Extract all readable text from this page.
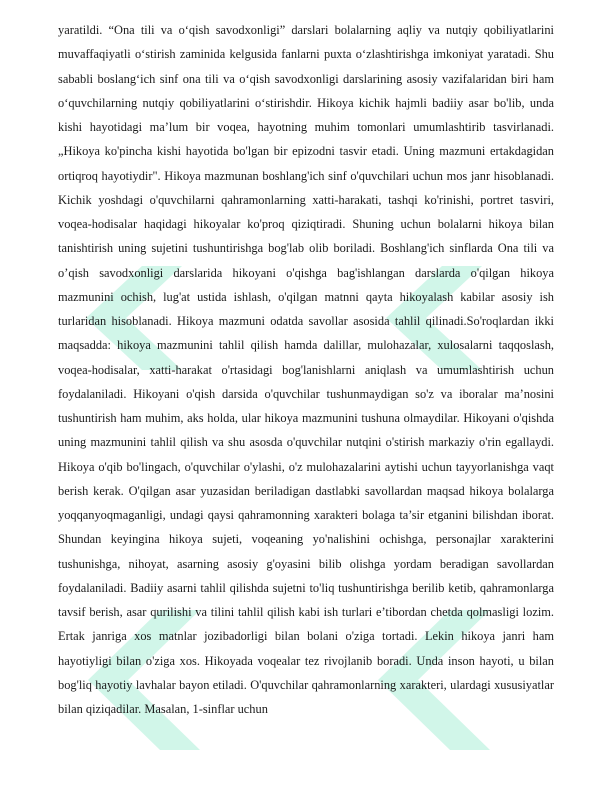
yaratildi. “Ona tili va o‘qish savodxonligi” darslari bolalarning aqliy va nutqiy qobiliyatlarini muvaffaqiyatli o‘stirish zaminida kelgusida fanlarni puxta o‘zlashtirishga imkoniyat yaratadi. Shu sababli boslang‘ich sinf ona tili va o‘qish savodxonligi darslarining asosiy vazifalaridan biri ham o‘quvchilarning nutqiy qobiliyatlarini o‘stirishdir. Hikoya kichik hajmli badiiy asar bo'lib, unda kishi hayotidagi ma’lum bir voqea, hayotning muhim tomonlari umumlashtirib tasvirlanadi. „Hikoya ko'pincha kishi hayotida bo'lgan bir epizodni tasvir etadi. Uning mazmuni ertakdagidan ortiqroq hayotiydir". Hikoya mazmunan boshlang'ich sinf o'quvchilari uchun mos janr hisoblanadi. Kichik yoshdagi o'quvchilarni qahramonlarning xatti-harakati, tashqi ko'rinishi, portret tasviri, voqea-hodisalar haqidagi hikoyalar ko'proq qiziqtiradi. Shuning uchun bolalarni hikoya bilan tanishtirish uning sujetini tushuntirishga bog'lab olib boriladi. Boshlang'ich sinflarda Ona tili va o’qish savodxonligi darslarida hikoyani o'qishga bag'ishlangan darslarda o'qilgan hikoya mazmunini ochish, lug'at ustida ishlash, o'qilgan matnni qayta hikoyalash kabilar asosiy ish turlaridan hisoblanadi. Hikoya mazmuni odatda savollar asosida tahlil qilinadi.So'roqlardan ikki maqsadda: hikoya mazmunini tahlil qilish hamda dalillar, mulohazalar, xulosalarni taqqoslash, voqea-hodisalar, xatti-harakat o'rtasidagi bog'lanishlarni aniqlash va umumlashtirish uchun foydalaniladi. Hikoyani o'qish darsida o'quvchilar tushunmaydigan so'z va iboralar ma’nosini tushuntirish ham muhim, aks holda, ular hikoya mazmunini tushuna olmaydilar. Hikoyani o'qishda uning mazmunini tahlil qilish va shu asosda o'quvchilar nutqini o'stirish markaziy o'rin egallaydi. Hikoya o'qib bo'lingach, o'quvchilar o'ylashi, o'z mulohazalarini aytishi uchun tayyorlanishga vaqt berish kerak. O'qilgan asar yuzasidan beriladigan dastlabki savollardan maqsad hikoya bolalarga yoqqanyoqmaganligi, undagi qaysi qahramonning xarakteri bolaga ta’sir etganini bilishdan iborat. Shundan keyingina hikoya sujeti, voqeaning yo'nalishini ochishga, personajlar xarakterini tushunishga, nihoyat, asarning asosiy g'oyasini bilib olishga yordam beradigan savollardan foydalaniladi. Badiiy asarni tahlil qilishda sujetni to'liq tushuntirishga berilib ketib, qahramonlarga tavsif berish, asar qurilishi va tilini tahlil qilish kabi ish turlari e’tibordan chetda qolmasligi lozim. Ertak janriga xos matnlar jozibadorligi bilan bolani o'ziga tortadi. Lekin hikoya janri ham hayotiyligi bilan o'ziga xos. Hikoyada voqealar tez rivojlanib boradi. Unda inson hayoti, u bilan bog'liq hayotiy lavhalar bayon etiladi. O'quvchilar qahramonlarning xarakteri, ulardagi xususiyatlar bilan qiziqadilar. Masalan, 1-sinflar uchun
